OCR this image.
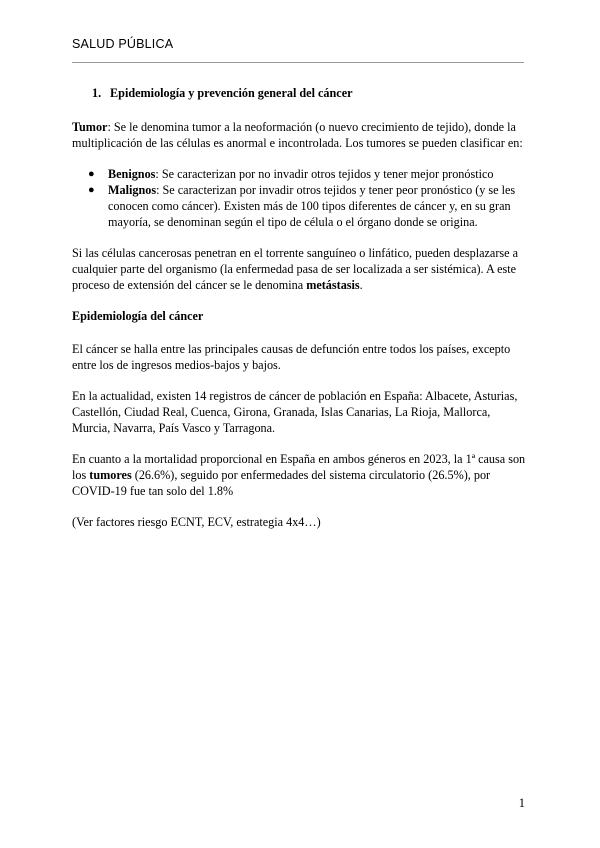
SALUD PÚBLICA
1. Epidemiología y prevención general del cáncer

Tumor: Se le denomina tumor a la neoformación (o nuevo crecimiento de tejido), donde la multiplicación de las células es anormal e incontrolada. Los tumores se pueden clasificar en:

● Benignos: Se caracterizan por no invadir otros tejidos y tener mejor pronóstico
● Malignos: Se caracterizan por invadir otros tejidos y tener peor pronóstico (y se les conocen como cáncer). Existen más de 100 tipos diferentes de cáncer y, en su gran mayoría, se denominan según el tipo de célula o el órgano donde se origina.

Si las células cancerosas penetran en el torrente sanguíneo o linfático, pueden desplazarse a cualquier parte del organismo (la enfermedad pasa de ser localizada a ser sistémica). A este proceso de extensión del cáncer se le denomina metástasis.

Epidemiología del cáncer

El cáncer se halla entre las principales causas de defunción entre todos los países, excepto entre los de ingresos medios-bajos y bajos.

En la actualidad, existen 14 registros de cáncer de población en España: Albacete, Asturias, Castellón, Ciudad Real, Cuenca, Girona, Granada, Islas Canarias, La Rioja, Mallorca, Murcia, Navarra, País Vasco y Tarragona.

En cuanto a la mortalidad proporcional en España en ambos géneros en 2023, la 1ª causa son los tumores (26.6%), seguido por enfermedades del sistema circulatorio (26.5%), por COVID-19 fue tan solo del 1.8%

(Ver factores riesgo ECNT, ECV, estrategia 4x4…)

1
